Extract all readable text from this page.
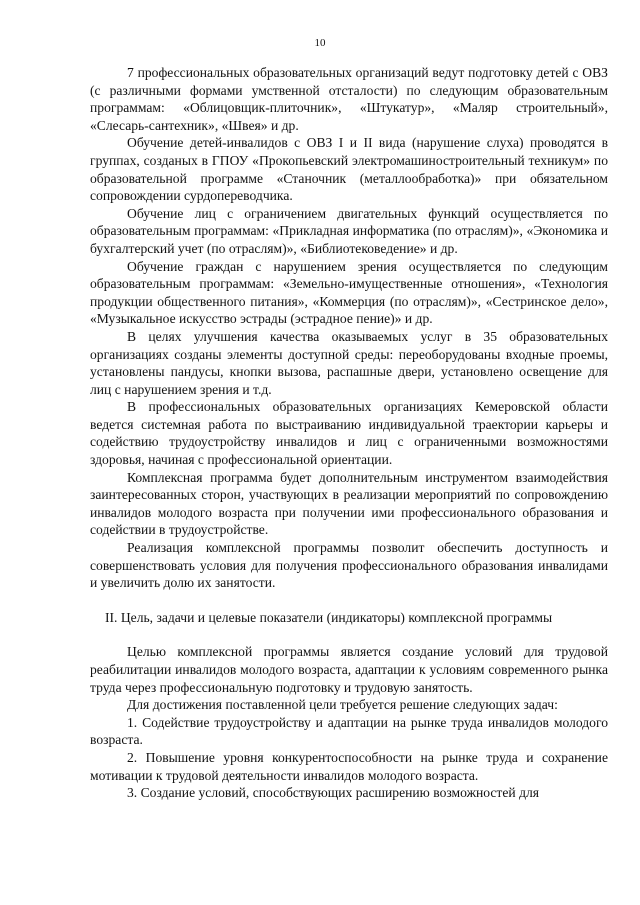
10

7 профессиональных образовательных организаций ведут подготовку детей с ОВЗ (с различными формами умственной отсталости) по следующим образовательным программам: «Облицовщик-плиточник», «Штукатур», «Маляр строительный», «Слесарь-сантехник», «Швея» и др.

Обучение детей-инвалидов с ОВЗ I и II вида (нарушение слуха) проводятся в группах, созданых в ГПОУ «Прокопьевский электромашиностроительный техникум» по образовательной программе «Станочник (металлообработка)» при обязательном сопровождении сурдопереводчика.

Обучение лиц с ограничением двигательных функций осуществляется по образовательным программам: «Прикладная информатика (по отраслям)», «Экономика и бухгалтерский учет (по отраслям)», «Библиотековедение» и др.

Обучение граждан с нарушением зрения осуществляется по следующим образовательным программам: «Земельно-имущественные отношения», «Технология продукции общественного питания», «Коммерция (по отраслям)», «Сестринское дело», «Музыкальное искусство эстрады (эстрадное пение)» и др.

В целях улучшения качества оказываемых услуг в 35 образовательных организациях созданы элементы доступной среды: переоборудованы входные проемы, установлены пандусы, кнопки вызова, распашные двери, установлено освещение для лиц с нарушением зрения и т.д.

В профессиональных образовательных организациях Кемеровской области ведется системная работа по выстраиванию индивидуальной траектории карьеры и содействию трудоустройству инвалидов и лиц с ограниченными возможностями здоровья, начиная с профессиональной ориентации.

Комплексная программа будет дополнительным инструментом взаимодействия заинтересованных сторон, участвующих в реализации мероприятий по сопровождению инвалидов молодого возраста при получении ими профессионального образования и содействии в трудоустройстве.

Реализация комплексной программы позволит обеспечить доступность и совершенствовать условия для получения профессионального образования инвалидами и увеличить долю их занятости.

II. Цель, задачи и целевые показатели (индикаторы) комплексной программы

Целью комплексной программы является создание условий для трудовой реабилитации инвалидов молодого возраста, адаптации к условиям современного рынка труда через профессиональную подготовку и трудовую занятость.

Для достижения поставленной цели требуется решение следующих задач:

1. Содействие трудоустройству и адаптации на рынке труда инвалидов молодого возраста.

2. Повышение уровня конкурентоспособности на рынке труда и сохранение мотивации к трудовой деятельности инвалидов молодого возраста.

3. Создание условий, способствующих расширению возможностей для
